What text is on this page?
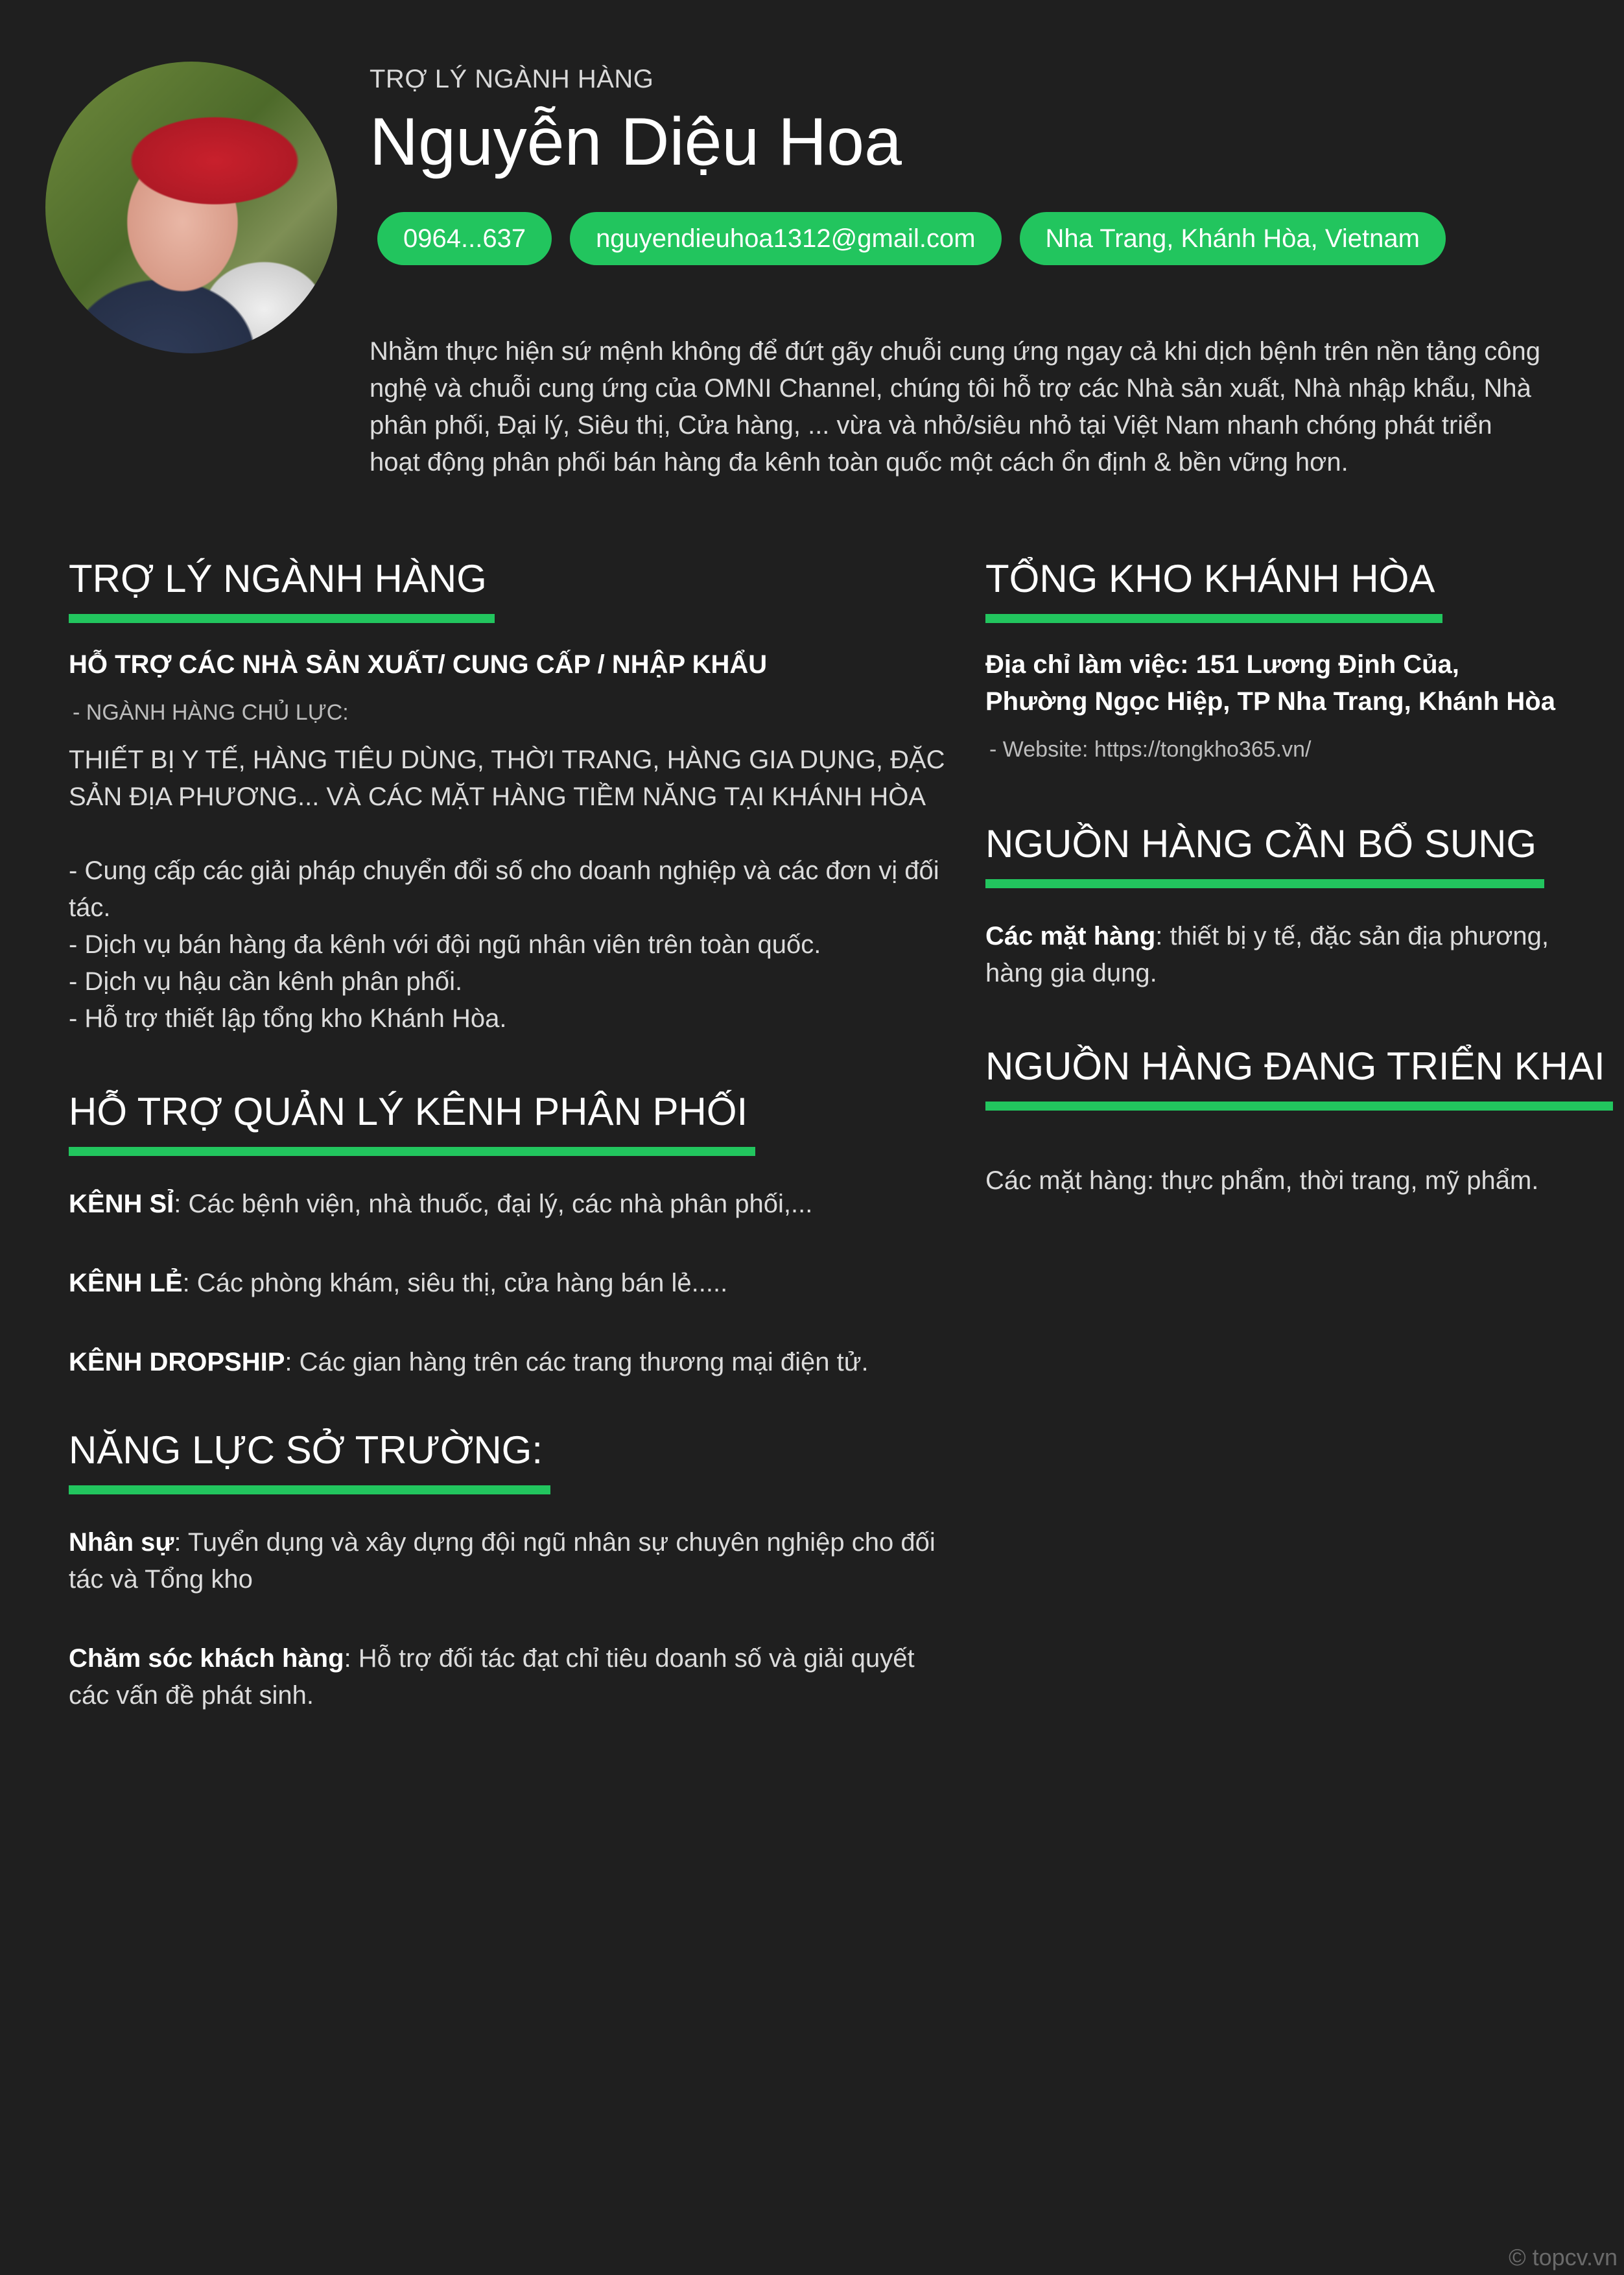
TRỢ LÝ NGÀNH HÀNG
Nguyễn Diệu Hoa
0964...637	nguyendieuhoa1312@gmail.com	Nha Trang, Khánh Hòa, Vietnam

Nhằm thực hiện sứ mệnh không để đứt gãy chuỗi cung ứng ngay cả khi dịch bệnh trên nền tảng công nghệ và chuỗi cung ứng của OMNI Channel, chúng tôi hỗ trợ các Nhà sản xuất, Nhà nhập khẩu, Nhà phân phối, Đại lý, Siêu thị, Cửa hàng, ... vừa và nhỏ/siêu nhỏ tại Việt Nam nhanh chóng phát triển hoạt động phân phối bán hàng đa kênh toàn quốc một cách ổn định & bền vững hơn.

TRỢ LÝ NGÀNH HÀNG

HỖ TRỢ CÁC NHÀ SẢN XUẤT/ CUNG CẤP / NHẬP KHẨU

- NGÀNH HÀNG CHỦ LỰC:

THIẾT BỊ Y TẾ, HÀNG TIÊU DÙNG, THỜI TRANG, HÀNG GIA DỤNG, ĐẶC SẢN ĐỊA PHƯƠNG... VÀ CÁC MẶT HÀNG TIỀM NĂNG TẠI KHÁNH HÒA

- Cung cấp các giải pháp chuyển đổi số cho doanh nghiệp và các đơn vị đối tác.
- Dịch vụ bán hàng đa kênh với đội ngũ nhân viên trên toàn quốc.
- Dịch vụ hậu cần kênh phân phối.
- Hỗ trợ thiết lập tổng kho Khánh Hòa.
HỖ TRỢ QUẢN LÝ KÊNH PHÂN PHỐI

KÊNH SỈ: Các bệnh viện, nhà thuốc, đại lý, các nhà phân phối,...

KÊNH LẺ: Các phòng khám, siêu thị, cửa hàng bán lẻ.....

KÊNH DROPSHIP: Các gian hàng trên các trang thương mại điện tử.

NĂNG LỰC SỞ TRƯỜNG:

Nhân sự: Tuyển dụng và xây dựng đội ngũ nhân sự chuyên nghiệp cho đối tác và Tổng kho

Chăm sóc khách hàng: Hỗ trợ đối tác đạt chỉ tiêu doanh số và giải quyết các vấn đề phát sinh.

TỔNG KHO KHÁNH HÒA

Địa chỉ làm việc: 151 Lương Định Của, Phường Ngọc Hiệp, TP Nha Trang, Khánh Hòa

- Website: https://tongkho365.vn/

NGUỒN HÀNG CẦN BỔ SUNG

Các mặt hàng: thiết bị y tế, đặc sản địa phương, hàng gia dụng.

NGUỒN HÀNG ĐANG TRIỂN KHAI

Các mặt hàng: thực phẩm, thời trang, mỹ phẩm.

© topcv.vn
